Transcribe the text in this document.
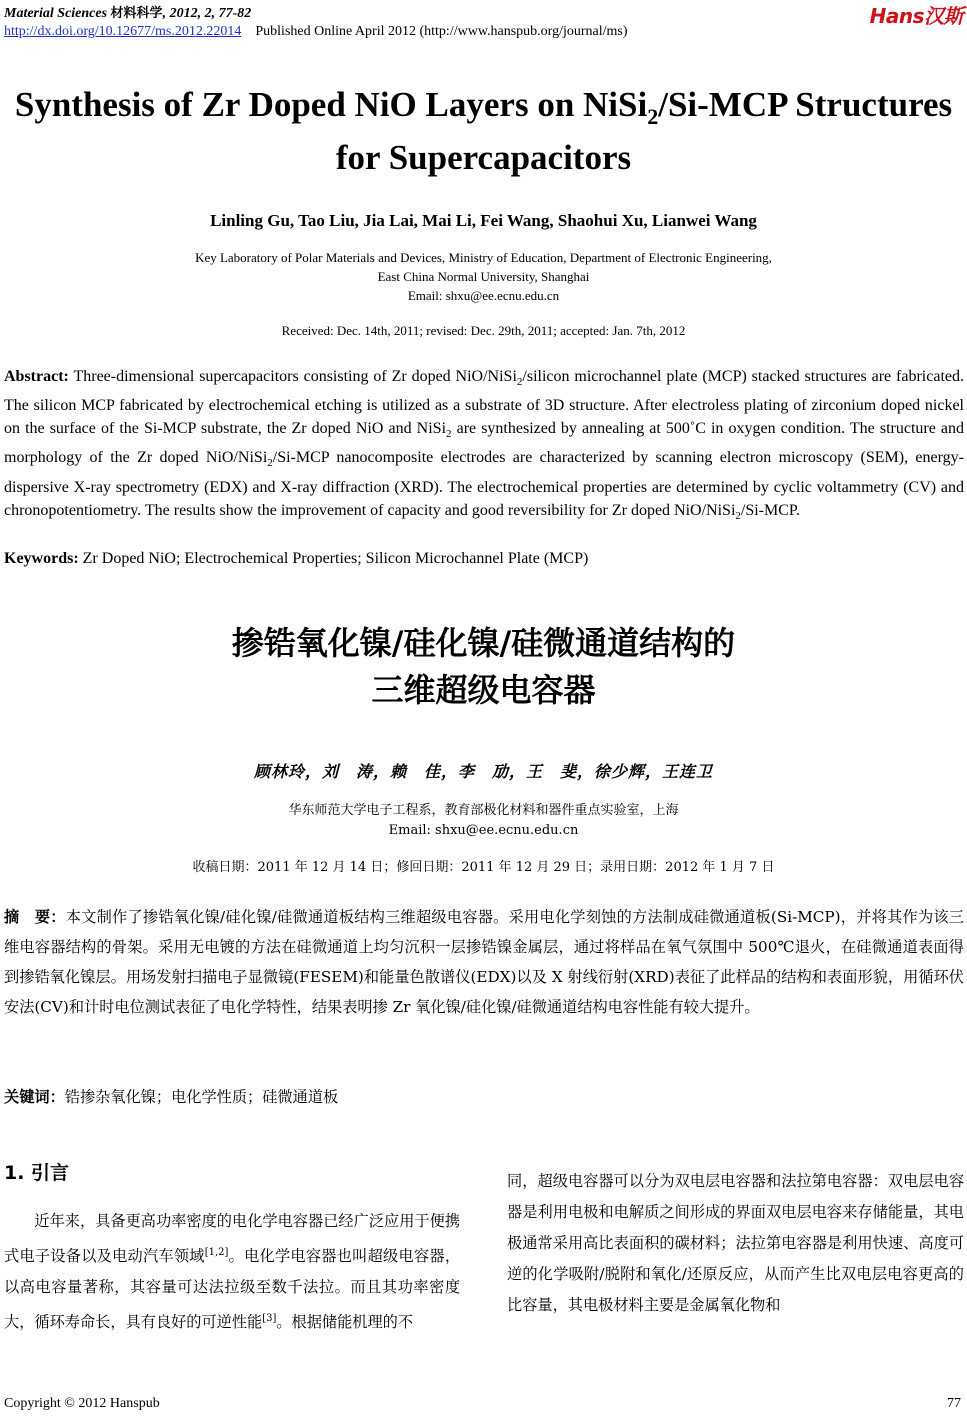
Material Sciences 材料科学, 2012, 2, 77-82
http://dx.doi.org/10.12677/ms.2012.22014 Published Online April 2012 (http://www.hanspub.org/journal/ms)
Hans汉斯
Synthesis of Zr Doped NiO Layers on NiSi$_2$/Si-MCP Structures
for Supercapacitors
Linling Gu, Tao Liu, Jia Lai, Mai Li, Fei Wang, Shaohui Xu, Lianwei Wang
Key Laboratory of Polar Materials and Devices, Ministry of Education, Department of Electronic Engineering,
East China Normal University, Shanghai
Email: shxu@ee.ecnu.edu.cn
Received: Dec. 14th, 2011; revised: Dec. 29th, 2011; accepted: Jan. 7th, 2012
Abstract: Three-dimensional supercapacitors consisting of Zr doped NiO/NiSi$_2$/silicon microchannel plate (MCP) stacked structures are fabricated. The silicon MCP fabricated by electrochemical etching is utilized as a substrate of 3D structure. After electroless plating of zirconium doped nickel on the surface of the Si-MCP substrate, the Zr doped NiO and NiSi$_2$ are synthesized by annealing at 500˚C in oxygen condition. The structure and morphology of the Zr doped NiO/NiSi$_2$/Si-MCP nanocomposite electrodes are characterized by scanning electron microscopy (SEM), energy-dispersive X-ray spectrometry (EDX) and X-ray diffraction (XRD). The electrochemical properties are determined by cyclic voltammetry (CV) and chronopotentiometry. The results show the improvement of capacity and good reversibility for Zr doped NiO/NiSi$_2$/Si-MCP.
Keywords: Zr Doped NiO; Electrochemical Properties; Silicon Microchannel Plate (MCP)
掺锆氧化镍/硅化镍/硅微通道结构的
三维超级电容器
顾林玲，刘　涛，赖　佳，李　劢，王　斐，徐少辉，王连卫
华东师范大学电子工程系，教育部极化材料和器件重点实验室，上海
Email: shxu@ee.ecnu.edu.cn
收稿日期：2011 年 12 月 14 日；修回日期：2011 年 12 月 29 日；录用日期：2012 年 1 月 7 日
摘　要：本文制作了掺锆氧化镍/硅化镍/硅微通道板结构三维超级电容器。采用电化学刻蚀的方法制成硅微通道板(Si-MCP)，并将其作为该三维电容器结构的骨架。采用无电镀的方法在硅微通道上均匀沉积一层掺锆镍金属层，通过将样品在氧气氛围中 500℃退火，在硅微通道表面得到掺锆氧化镍层。用场发射扫描电子显微镜(FESEM)和能量色散谱仪(EDX)以及 X 射线衍射(XRD)表征了此样品的结构和表面形貌，用循环伏安法(CV)和计时电位测试表征了电化学特性，结果表明掺 Zr 氧化镍/硅化镍/硅微通道结构电容性能有较大提升。
关键词：锆掺杂氧化镍；电化学性质；硅微通道板
1. 引言
近年来，具备更高功率密度的电化学电容器已经广泛应用于便携式电子设备以及电动汽车领域[1,2]。电化学电容器也叫超级电容器，以高电容量著称，其容量可达法拉级至数千法拉。而且其功率密度大，循环寿命长，具有良好的可逆性能[3]。根据储能机理的不
同，超级电容器可以分为双电层电容器和法拉第电容器：双电层电容器是利用电极和电解质之间形成的界面双电层电容来存储能量，其电极通常采用高比表面积的碳材料；法拉第电容器是利用快速、高度可逆的化学吸附/脱附和氧化/还原反应，从而产生比双电层电容更高的比容量，其电极材料主要是金属氧化物和
Copyright © 2012 Hanspub	77
